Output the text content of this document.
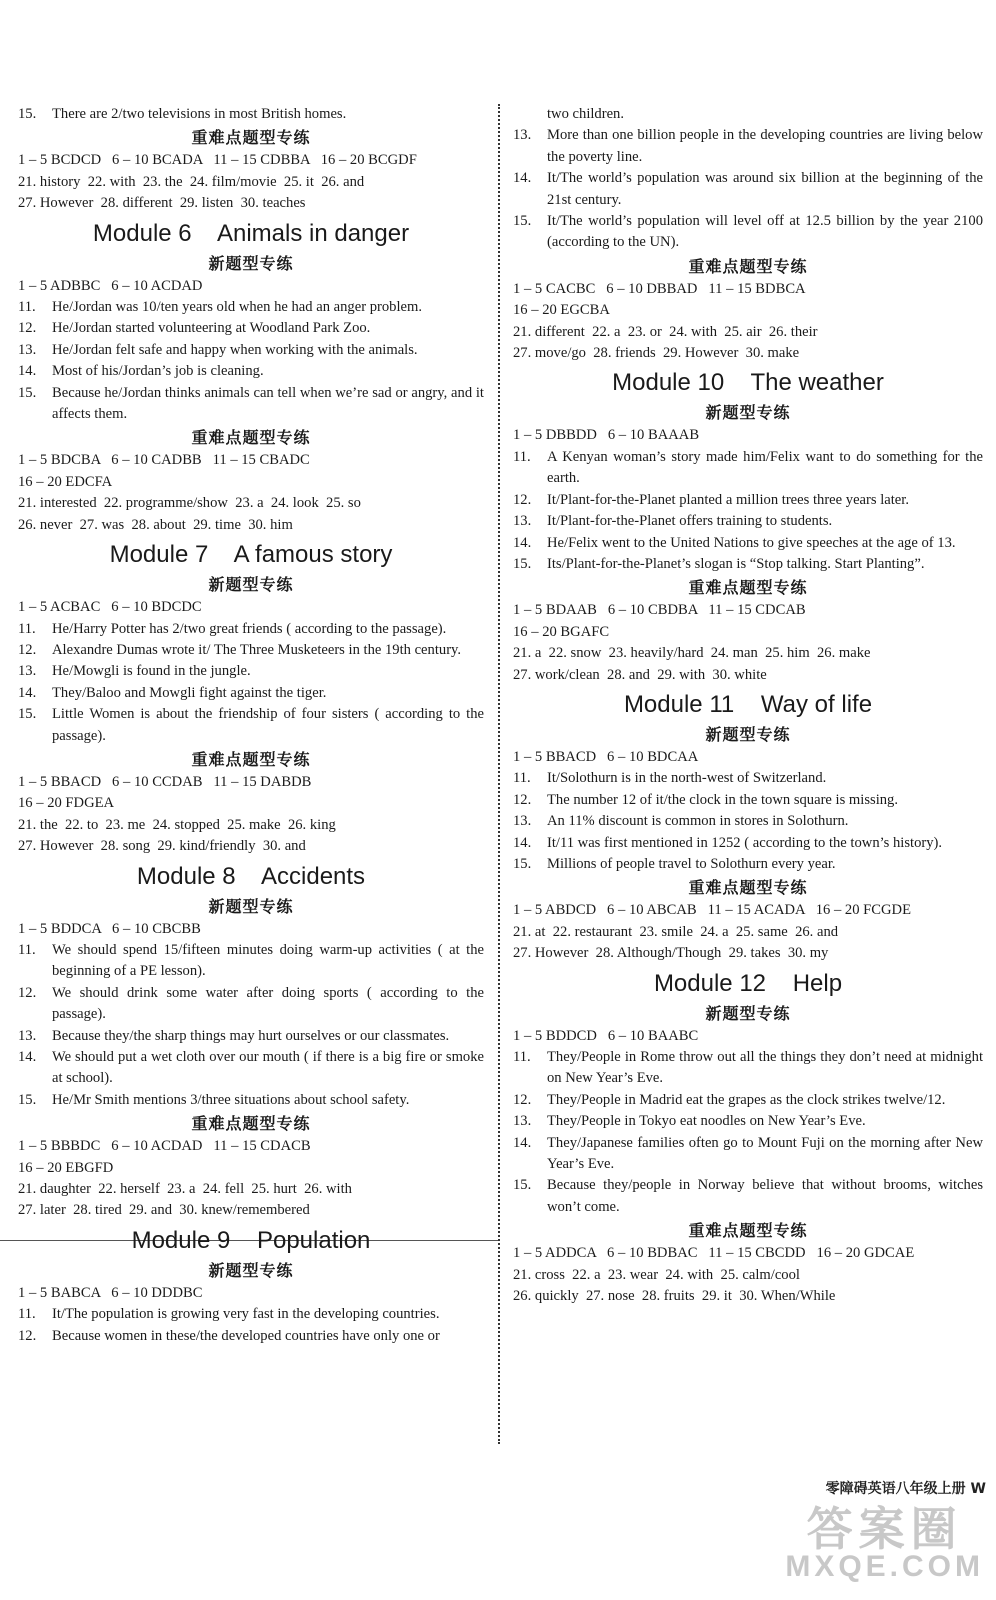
15.	There are 2/two televisions in most British homes.
重难点题型专练
1 – 5 BCDCD   6 – 10 BCADA   11 – 15 CDBBA   16 – 20 BCGDF
21. history  22. with  23. the  24. film/movie  25. it  26. and
27. However  28. different  29. listen  30. teaches
Module 6    Animals in danger
新题型专练
1 – 5 ADBBC   6 – 10 ACDAD
11.	He/Jordan was 10/ten years old when he had an anger problem.
12.	He/Jordan started volunteering at Woodland Park Zoo.
13.	He/Jordan felt safe and happy when working with the animals.
14.	Most of his/Jordan’s job is cleaning.
15.	Because he/Jordan thinks animals can tell when we’re sad or angry, and it affects them.
重难点题型专练
1 – 5 BDCBA   6 – 10 CADBB   11 – 15 CBADC
16 – 20 EDCFA
21. interested  22. programme/show  23. a  24. look  25. so
26. never  27. was  28. about  29. time  30. him
Module 7    A famous story
新题型专练
1 – 5 ACBAC   6 – 10 BDCDC
11.	He/Harry Potter has 2/two great friends ( according to the passage).
12.	Alexandre Dumas wrote it/ The Three Musketeers in the 19th century.
13.	He/Mowgli is found in the jungle.
14.	They/Baloo and Mowgli fight against the tiger.
15.	Little Women is about the friendship of four sisters ( according to the passage).
重难点题型专练
1 – 5 BBACD   6 – 10 CCDAB   11 – 15 DABDB
16 – 20 FDGEA
21. the  22. to  23. me  24. stopped  25. make  26. king
27. However  28. song  29. kind/friendly  30. and
Module 8    Accidents
新题型专练
1 – 5 BDDCA   6 – 10 CBCBB
11.	We should spend 15/fifteen minutes doing warm-up activities ( at the beginning of a PE lesson).
12.	We should drink some water after doing sports ( according to the passage).
13.	Because they/the sharp things may hurt ourselves or our classmates.
14.	We should put a wet cloth over our mouth ( if there is a big fire or smoke at school).
15.	He/Mr Smith mentions 3/three situations about school safety.
重难点题型专练
1 – 5 BBBDC   6 – 10 ACDAD   11 – 15 CDACB
16 – 20 EBGFD
21. daughter  22. herself  23. a  24. fell  25. hurt  26. with
27. later  28. tired  29. and  30. knew/remembered
Module 9    Population
新题型专练
1 – 5 BABCA   6 – 10 DDDBC
11.	It/The population is growing very fast in the developing countries.
12.	Because women in these/the developed countries have only one or
two children.
13.	More than one billion people in the developing countries are living below the poverty line.
14.	It/The world’s population was around six billion at the beginning of the 21st century.
15.	It/The world’s population will level off at 12.5 billion by the year 2100 (according to the UN).
重难点题型专练
1 – 5 CACBC   6 – 10 DBBAD   11 – 15 BDBCA
16 – 20 EGCBA
21. different  22. a  23. or  24. with  25. air  26. their
27. move/go  28. friends  29. However  30. make
Module 10    The weather
新题型专练
1 – 5 DBBDD   6 – 10 BAAAB
11.	A Kenyan woman’s story made him/Felix want to do something for the earth.
12.	It/Plant-for-the-Planet planted a million trees three years later.
13.	It/Plant-for-the-Planet offers training to students.
14.	He/Felix went to the United Nations to give speeches at the age of 13.
15.	Its/Plant-for-the-Planet’s slogan is “Stop talking. Start Planting”.
重难点题型专练
1 – 5 BDAAB   6 – 10 CBDBA   11 – 15 CDCAB
16 – 20 BGAFC
21. a  22. snow  23. heavily/hard  24. man  25. him  26. make
27. work/clean  28. and  29. with  30. white
Module 11    Way of life
新题型专练
1 – 5 BBACD   6 – 10 BDCAA
11.	It/Solothurn is in the north-west of Switzerland.
12.	The number 12 of it/the clock in the town square is missing.
13.	An 11% discount is common in stores in Solothurn.
14.	It/11 was first mentioned in 1252 ( according to the town’s history).
15.	Millions of people travel to Solothurn every year.
重难点题型专练
1 – 5 ABDCD   6 – 10 ABCAB   11 – 15 ACADA   16 – 20 FCGDE
21. at  22. restaurant  23. smile  24. a  25. same  26. and
27. However  28. Although/Though  29. takes  30. my
Module 12    Help
新题型专练
1 – 5 BDDCD   6 – 10 BAABC
11.	They/People in Rome throw out all the things they don’t need at midnight on New Year’s Eve.
12.	They/People in Madrid eat the grapes as the clock strikes twelve/12.
13.	They/People in Tokyo eat noodles on New Year’s Eve.
14.	They/Japanese families often go to Mount Fuji on the morning after New Year’s Eve.
15.	Because they/people in Norway believe that without brooms, witches won’t come.
重难点题型专练
1 – 5 ADDCA   6 – 10 BDBAC   11 – 15 CBCDD   16 – 20 GDCAE
21. cross  22. a  23. wear  24. with  25. calm/cool
26. quickly  27. nose  28. fruits  29. it  30. When/While
零障碍英语八年级上册 W
答案圈
MXQE.COM
